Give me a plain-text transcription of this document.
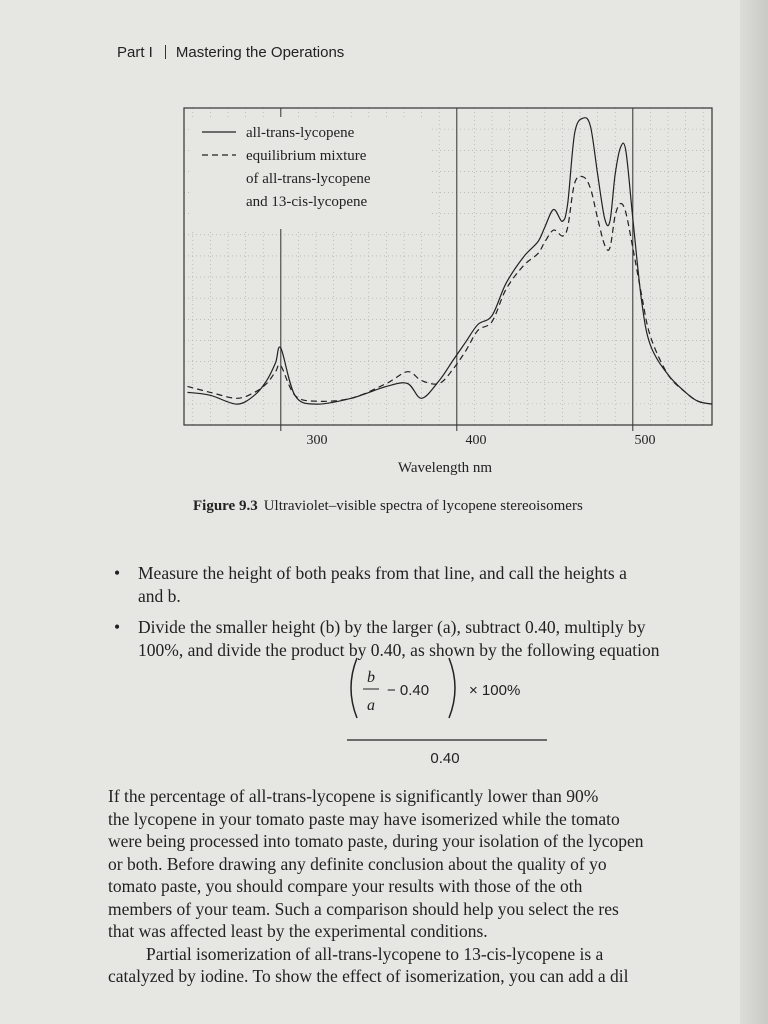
Part I Mastering the Operations
all-trans-lycopene
equilibrium mixture
of all-trans-lycopene
and 13-cis-lycopene
300	400	500
Wavelength nm
Figure 9.3 Ultraviolet–visible spectra of lycopene stereoisomers
• Measure the height of both peaks from that line, and call the heights a
and b.
• Divide the smaller height (b) by the larger (a), subtract 0.40, multiply by
100%, and divide the product by 0.40, as shown by the following equation
b
a
− 0.40	× 100%
0.40

If the percentage of all-trans-lycopene is significantly lower than 90%
the lycopene in your tomato paste may have isomerized while the tomato
were being processed into tomato paste, during your isolation of the lycopen
or both. Before drawing any definite conclusion about the quality of yo
tomato paste, you should compare your results with those of the oth
members of your team. Such a comparison should help you select the res
that was affected least by the experimental conditions.

Partial isomerization of all-trans-lycopene to 13-cis-lycopene is a
catalyzed by iodine. To show the effect of isomerization, you can add a dil
